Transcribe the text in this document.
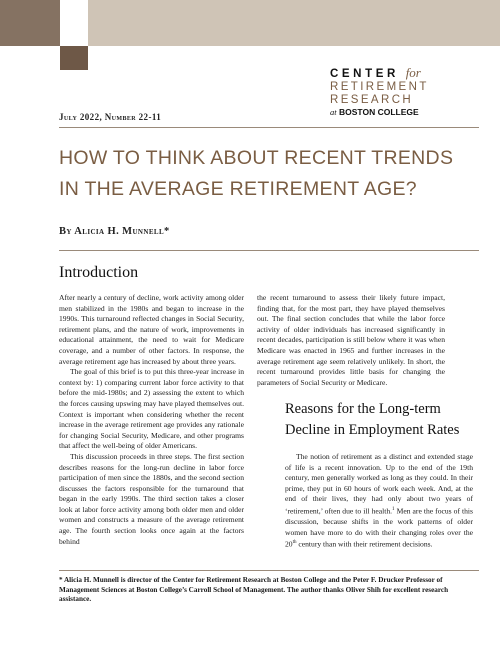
CENTER for
RETIREMENT
RESEARCH
at BOSTON COLLEGE
July 2022, Number 22-11
HOW TO THINK ABOUT RECENT TRENDS
IN THE AVERAGE RETIREMENT AGE?
By Alicia H. Munnell*
Introduction

After nearly a century of decline, work activity among older men stabilized in the 1980s and began to increase in the 1990s. This turnaround reflected changes in Social Security, retirement plans, and the nature of work, improvements in educational attainment, the need to wait for Medicare coverage, and a number of other factors. In response, the average retirement age has increased by about three years.

The goal of this brief is to put this three-year increase in context by: 1) comparing current labor force activity to that before the mid-1980s; and 2) assessing the extent to which the forces causing upswing may have played themselves out. Context is important when considering whether the recent increase in the average retirement age provides any rationale for changing Social Security, Medicare, and other programs that affect the well-being of older Americans.

This discussion proceeds in three steps. The first section describes reasons for the long-run decline in labor force participation of men since the 1880s, and the second section discusses the factors responsible for the turnaround that began in the early 1990s. The third section takes a closer look at labor force activity among both older men and older women and constructs a measure of the average retirement age. The fourth section looks once again at the factors behind

the recent turnaround to assess their likely future impact, finding that, for the most part, they have played themselves out. The final section concludes that while the labor force activity of older individuals has increased significantly in recent decades, participation is still below where it was when Medicare was enacted in 1965 and further increases in the average retirement age seem relatively unlikely. In short, the recent turnaround provides little basis for changing the parameters of Social Security or Medicare.

Reasons for the Long-term
Decline in Employment Rates

The notion of retirement as a distinct and extended stage of life is a recent innovation. Up to the end of the 19th century, men generally worked as long as they could. In their prime, they put in 60 hours of work each week. And, at the end of their lives, they had only about two years of ‘retirement,’ often due to ill health.$^1$ Men are the focus of this discussion, because shifts in the work patterns of older women have more to do with their changing roles over the 20th century than with their retirement decisions.

* Alicia H. Munnell is director of the Center for Retirement Research at Boston College and the Peter F. Drucker Professor of Management Sciences at Boston College’s Carroll School of Management. The author thanks Oliver Shih for excellent research assistance.
